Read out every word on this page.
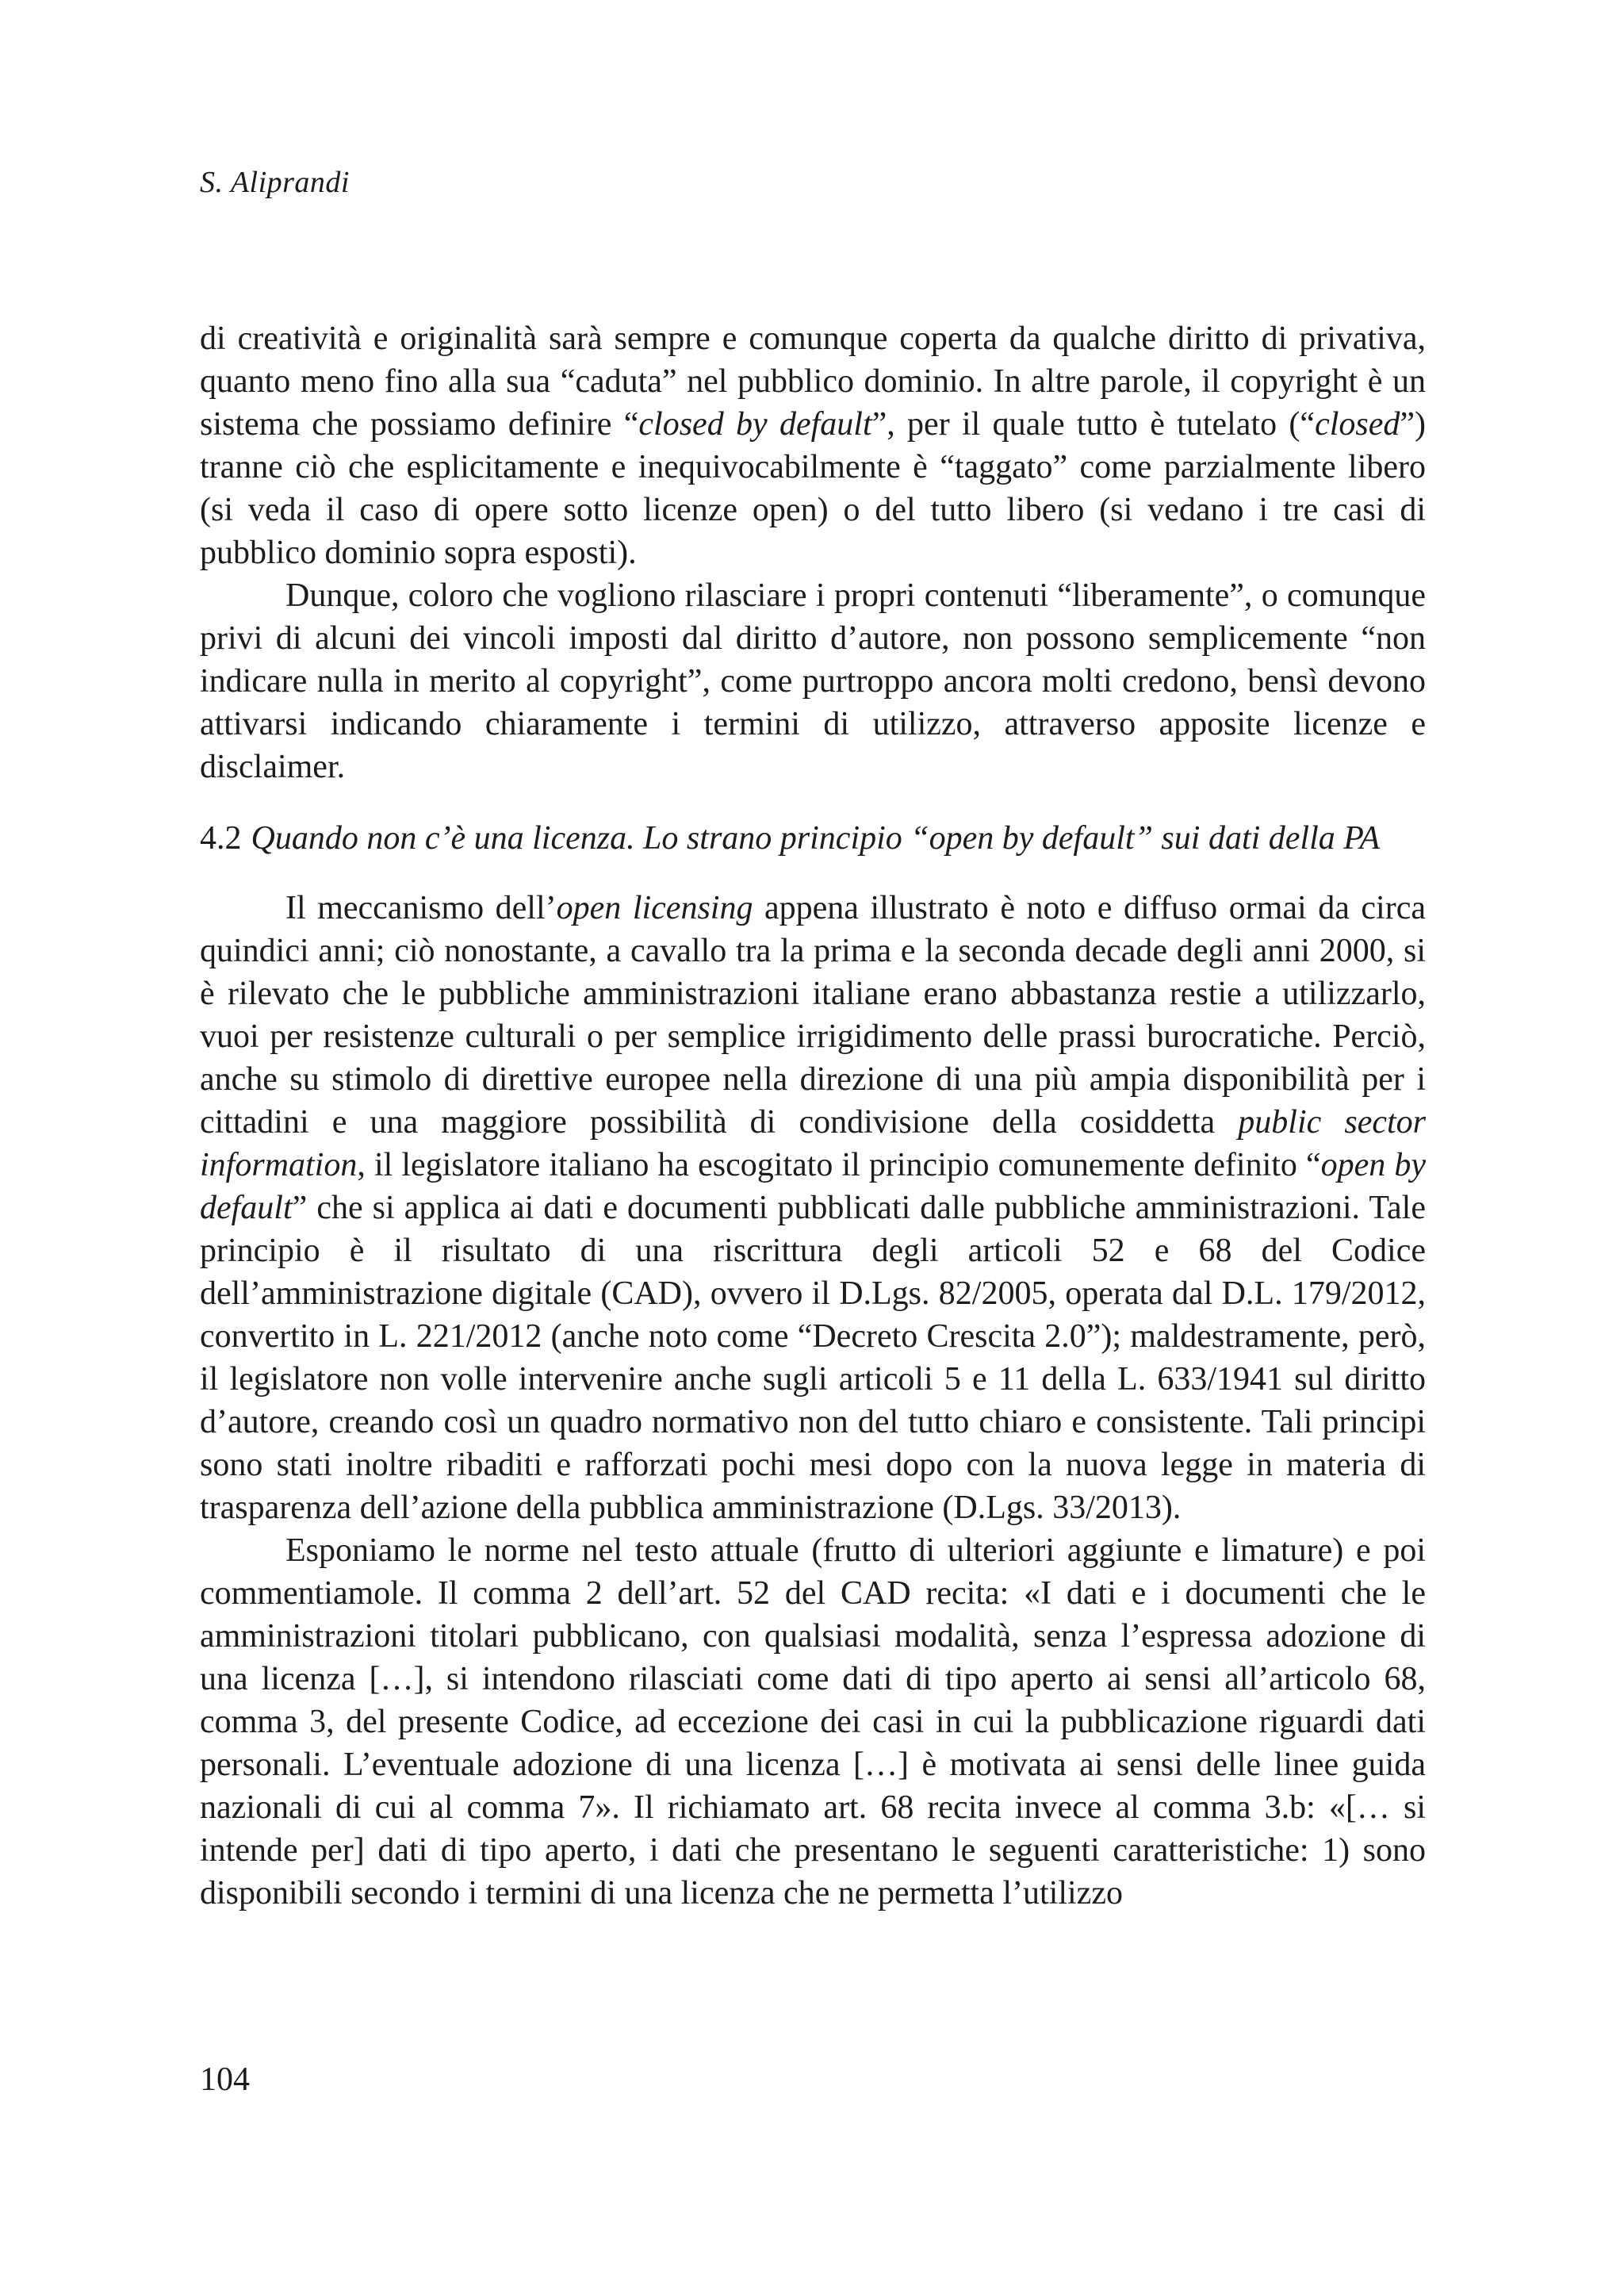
S. Aliprandi

di creatività e originalità sarà sempre e comunque coperta da qualche diritto di privativa, quanto meno fino alla sua “caduta” nel pubblico dominio. In altre parole, il copyright è un sistema che possiamo definire “closed by default”, per il quale tutto è tutelato (“closed”) tranne ciò che esplicitamente e inequivocabilmente è “taggato” come parzialmente libero (si veda il caso di opere sotto licenze open) o del tutto libero (si vedano i tre casi di pubblico dominio sopra esposti).

Dunque, coloro che vogliono rilasciare i propri contenuti “liberamente”, o comunque privi di alcuni dei vincoli imposti dal diritto d’autore, non possono semplicemente “non indicare nulla in merito al copyright”, come purtroppo ancora molti credono, bensì devono attivarsi indicando chiaramente i termini di utilizzo, attraverso apposite licenze e disclaimer.

4.2 Quando non c’è una licenza. Lo strano principio “open by default” sui dati della PA

Il meccanismo dell’open licensing appena illustrato è noto e diffuso ormai da circa quindici anni; ciò nonostante, a cavallo tra la prima e la seconda decade degli anni 2000, si è rilevato che le pubbliche amministrazioni italiane erano abbastanza restie a utilizzarlo, vuoi per resistenze culturali o per semplice irrigidimento delle prassi burocratiche. Perciò, anche su stimolo di direttive europee nella direzione di una più ampia disponibilità per i cittadini e una maggiore possibilità di condivisione della cosiddetta public sector information, il legislatore italiano ha escogitato il principio comunemente definito “open by default” che si applica ai dati e documenti pubblicati dalle pubbliche amministrazioni. Tale principio è il risultato di una riscrittura degli articoli 52 e 68 del Codice dell’amministrazione digitale (CAD), ovvero il D.Lgs. 82/2005, operata dal D.L. 179/2012, convertito in L. 221/2012 (anche noto come “Decreto Crescita 2.0”); maldestramente, però, il legislatore non volle intervenire anche sugli articoli 5 e 11 della L. 633/1941 sul diritto d’autore, creando così un quadro normativo non del tutto chiaro e consistente. Tali principi sono stati inoltre ribaditi e rafforzati pochi mesi dopo con la nuova legge in materia di trasparenza dell’azione della pubblica amministrazione (D.Lgs. 33/2013).

Esponiamo le norme nel testo attuale (frutto di ulteriori aggiunte e limature) e poi commentiamole. Il comma 2 dell’art. 52 del CAD recita: «I dati e i documenti che le amministrazioni titolari pubblicano, con qualsiasi modalità, senza l’espressa adozione di una licenza […], si intendono rilasciati come dati di tipo aperto ai sensi all’articolo 68, comma 3, del presente Codice, ad eccezione dei casi in cui la pubblicazione riguardi dati personali. L’eventuale adozione di una licenza […] è motivata ai sensi delle linee guida nazionali di cui al comma 7». Il richiamato art. 68 recita invece al comma 3.b: «[… si intende per] dati di tipo aperto, i dati che presentano le seguenti caratteristiche: 1) sono disponibili secondo i termini di una licenza che ne permetta l’utilizzo

104
